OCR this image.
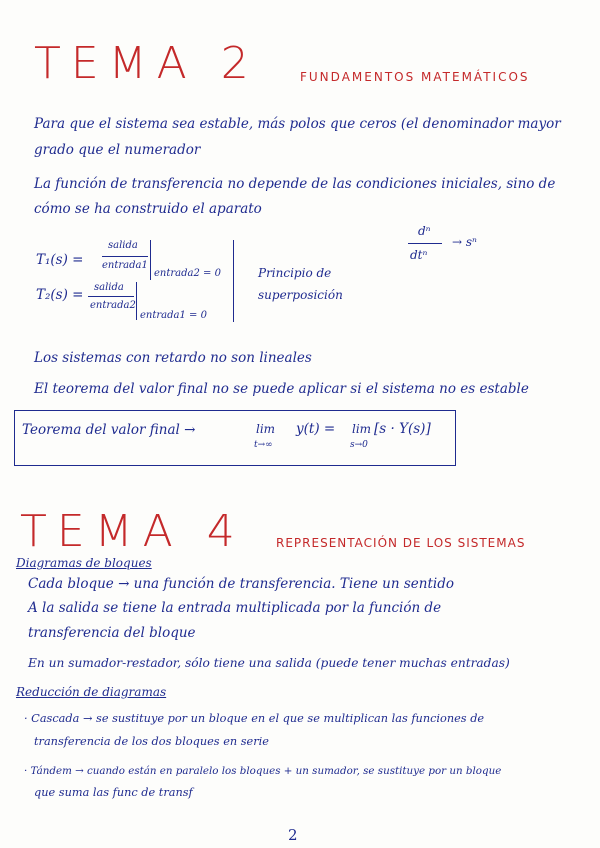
TEMA 2	FUNDAMENTOS MATEMÁTICOS
Para que el sistema sea estable, más polos que ceros (el denominador mayor
grado que el numerador
La función de transferencia no depende de las condiciones iniciales, sino de
cómo se ha construido el aparato
T₁(s) =
salida
entrada1
entrada2 = 0
T₂(s) = salida
entrada2
entrada1 = 0
Principio de
superposición
dⁿ
dtⁿ
→ sⁿ
Los sistemas con retardo no son lineales
El teorema del valor final no se puede aplicar si el sistema no es estable
Teorema del valor final →	lim
t→∞
y(t) = lim
s→0
[s · Y(s)]
TEMA 4	REPRESENTACIÓN DE LOS SISTEMAS
Diagramas de bloques
Cada bloque → una función de transferencia. Tiene un sentido
A la salida se tiene la entrada multiplicada por la función de
transferencia del bloque
En un sumador-restador, sólo tiene una salida (puede tener muchas entradas)
Reducción de diagramas
· Cascada → se sustituye por un bloque en el que se multiplican las funciones de
transferencia de los dos bloques en serie
· Tándem → cuando están en paralelo los bloques + un sumador, se sustituye por un bloque
que suma las func de transf
2
